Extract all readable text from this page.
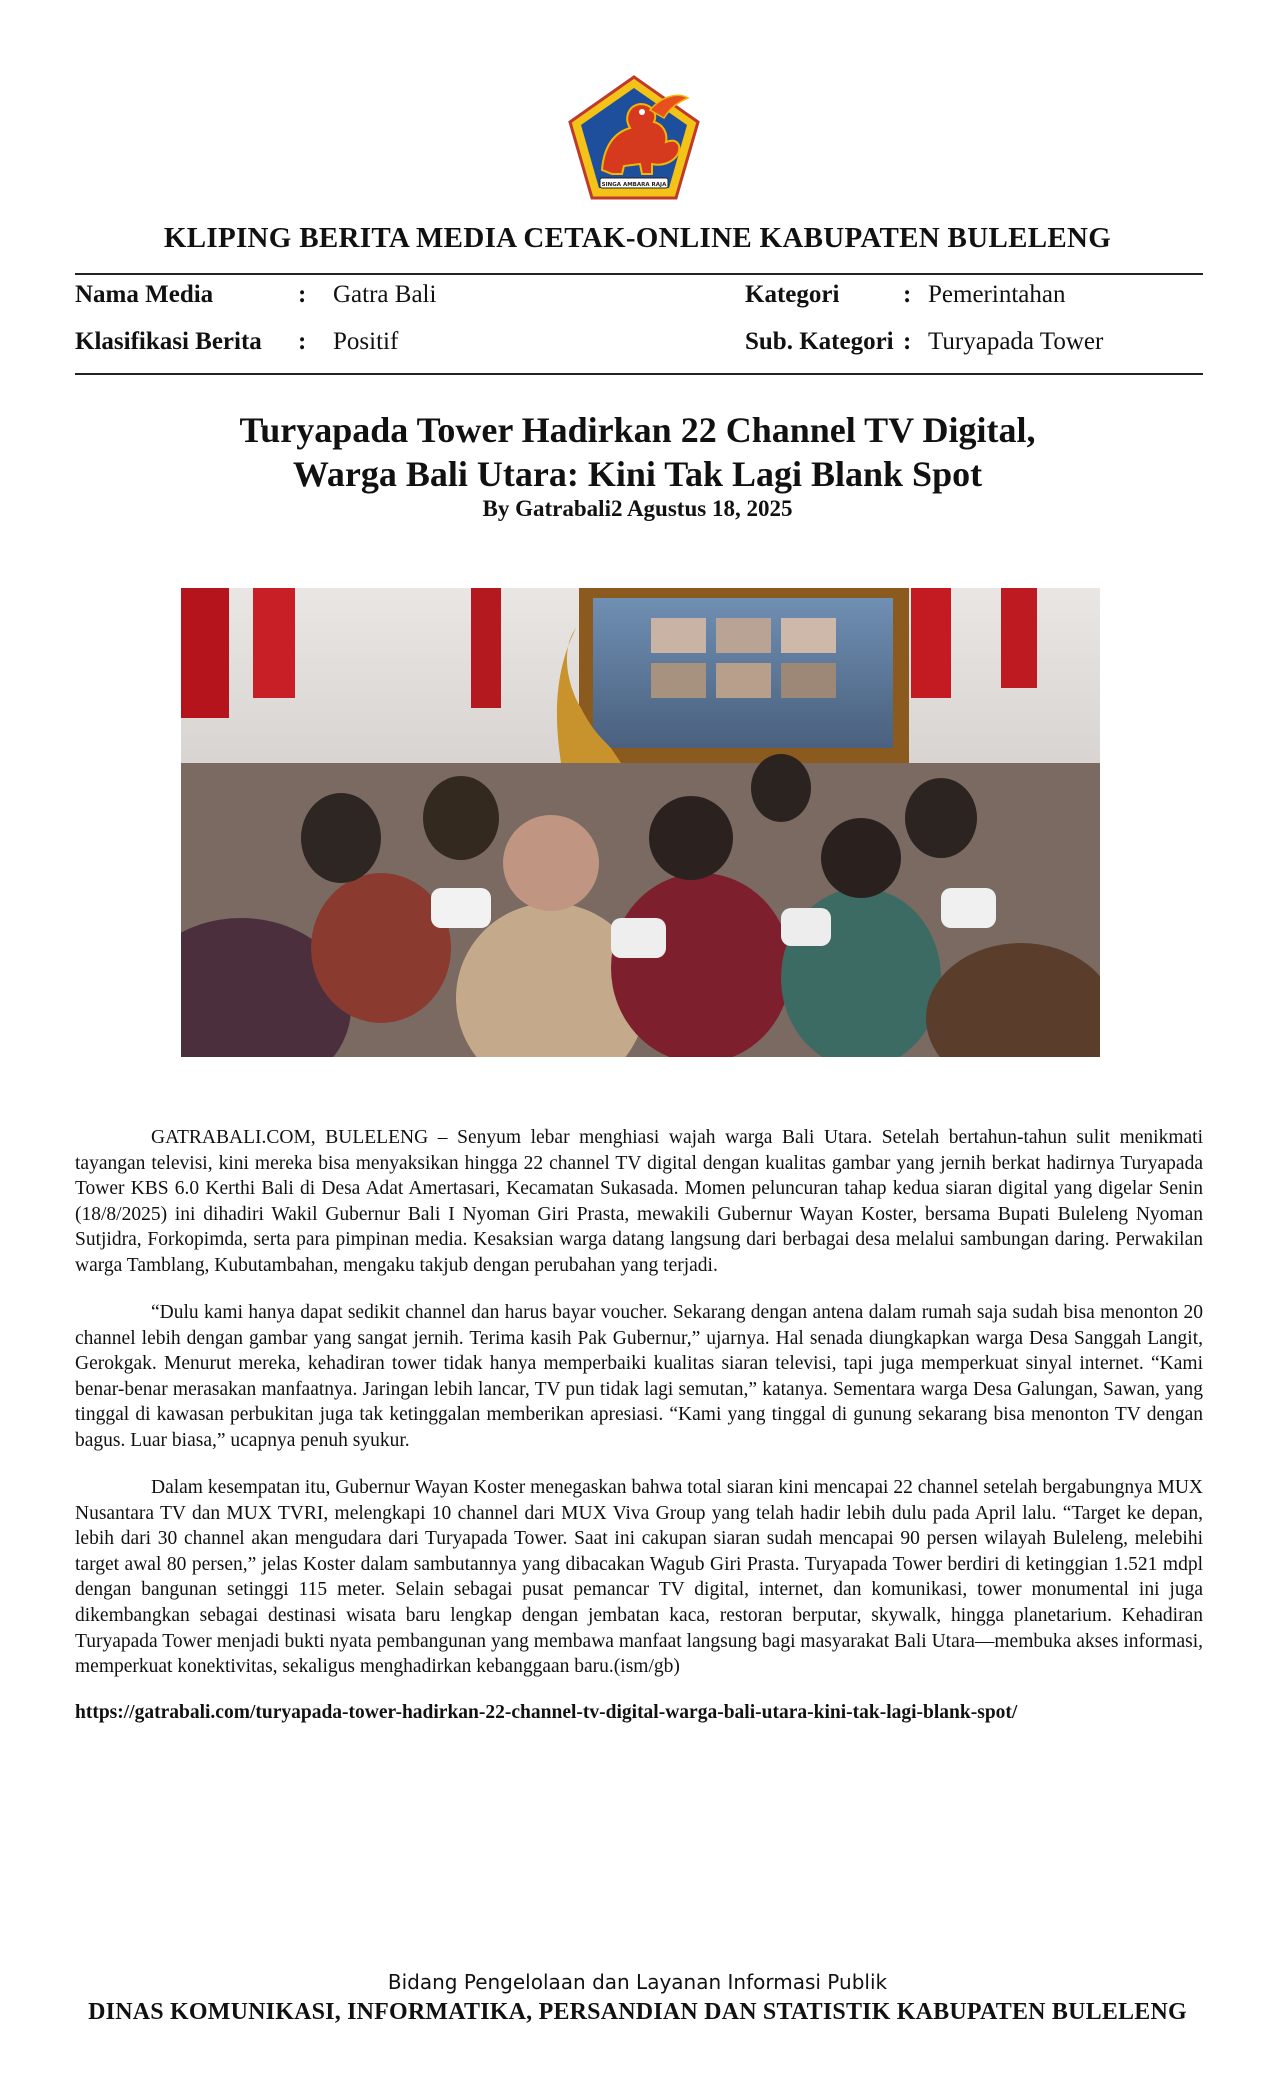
SINGA AMBARA RAJA
KLIPING BERITA MEDIA CETAK-ONLINE KABUPATEN BULELENG
Nama Media	: Gatra Bali
Klasifikasi Berita : Positif
Kategori	: Pemerintahan
Sub. Kategori : Turyapada Tower
Turyapada Tower Hadirkan 22 Channel TV Digital,
Warga Bali Utara: Kini Tak Lagi Blank Spot
By Gatrabali2 Agustus 18, 2025

GATRABALI.COM, BULELENG – Senyum lebar menghiasi wajah warga Bali Utara. Setelah bertahun-tahun sulit menikmati tayangan televisi, kini mereka bisa menyaksikan hingga 22 channel TV digital dengan kualitas gambar yang jernih berkat hadirnya Turyapada Tower KBS 6.0 Kerthi Bali di Desa Adat Amertasari, Kecamatan Sukasada. Momen peluncuran tahap kedua siaran digital yang digelar Senin (18/8/2025) ini dihadiri Wakil Gubernur Bali I Nyoman Giri Prasta, mewakili Gubernur Wayan Koster, bersama Bupati Buleleng Nyoman Sutjidra, Forkopimda, serta para pimpinan media. Kesaksian warga datang langsung dari berbagai desa melalui sambungan daring. Perwakilan warga Tamblang, Kubutambahan, mengaku takjub dengan perubahan yang terjadi.

“Dulu kami hanya dapat sedikit channel dan harus bayar voucher. Sekarang dengan antena dalam rumah saja sudah bisa menonton 20 channel lebih dengan gambar yang sangat jernih. Terima kasih Pak Gubernur,” ujarnya. Hal senada diungkapkan warga Desa Sanggah Langit, Gerokgak. Menurut mereka, kehadiran tower tidak hanya memperbaiki kualitas siaran televisi, tapi juga memperkuat sinyal internet. “Kami benar-benar merasakan manfaatnya. Jaringan lebih lancar, TV pun tidak lagi semutan,” katanya. Sementara warga Desa Galungan, Sawan, yang tinggal di kawasan perbukitan juga tak ketinggalan memberikan apresiasi. “Kami yang tinggal di gunung sekarang bisa menonton TV dengan bagus. Luar biasa,” ucapnya penuh syukur.

Dalam kesempatan itu, Gubernur Wayan Koster menegaskan bahwa total siaran kini mencapai 22 channel setelah bergabungnya MUX Nusantara TV dan MUX TVRI, melengkapi 10 channel dari MUX Viva Group yang telah hadir lebih dulu pada April lalu. “Target ke depan, lebih dari 30 channel akan mengudara dari Turyapada Tower. Saat ini cakupan siaran sudah mencapai 90 persen wilayah Buleleng, melebihi target awal 80 persen,” jelas Koster dalam sambutannya yang dibacakan Wagub Giri Prasta. Turyapada Tower berdiri di ketinggian 1.521 mdpl dengan bangunan setinggi 115 meter. Selain sebagai pusat pemancar TV digital, internet, dan komunikasi, tower monumental ini juga dikembangkan sebagai destinasi wisata baru lengkap dengan jembatan kaca, restoran berputar, skywalk, hingga planetarium. Kehadiran Turyapada Tower menjadi bukti nyata pembangunan yang membawa manfaat langsung bagi masyarakat Bali Utara—membuka akses informasi, memperkuat konektivitas, sekaligus menghadirkan kebanggaan baru.(ism/gb)

https://gatrabali.com/turyapada-tower-hadirkan-22-channel-tv-digital-warga-bali-utara-kini-tak-lagi-blank-spot/
Bidang Pengelolaan dan Layanan Informasi Publik
DINAS KOMUNIKASI, INFORMATIKA, PERSANDIAN DAN STATISTIK KABUPATEN BULELENG
